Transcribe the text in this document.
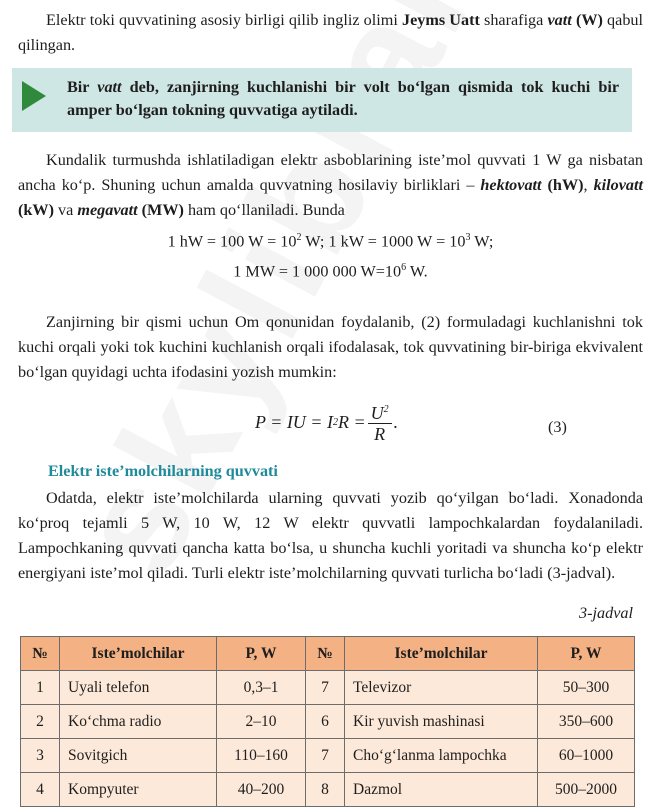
Elektr toki quvvatining asosiy birligi qilib ingliz olimi Jeyms Uatt sharafiga vatt (W) qabul qilingan.

Bir vatt deb, zanjirning kuchlanishi bir volt bo‘lgan qismida tok kuchi bir amper bo‘lgan tokning quvvatiga aytiladi.

Kundalik turmushda ishlatiladigan elektr asboblarining iste’mol quvvati 1 W ga nisbatan ancha ko‘p. Shuning uchun amalda quvvatning hosilaviy birliklari – hektovatt (hW), kilovatt (kW) va megavatt (MW) ham qo‘llaniladi. Bunda

1 hW = 100 $W = 10^2$ W; 1 kW = 1000 $W = 10^3$ W;
1 MW = 1 000 000 $W=10^6$ W.

Zanjirning bir qismi uchun Om qonunidan foydalanib, (2) formuladagi kuchlanishni tok kuchi orqali yoki tok kuchini kuchlanish orqali ifodalasak, tok quvvatining bir-biriga ekvivalent bo‘lgan quyidagi uchta ifodasini yozish mumkin:

P = IU = I 2 $R = \frac{U^2}{R}$ .	(3)
Elektr iste’molchilarning quvvati

Odatda, elektr iste’molchilarda ularning quvvati yozib qo‘yilgan bo‘ladi. Xonadonda ko‘proq tejamli 5 W, 10 W, 12 W elektr quvvatli lampochkalardan foydalaniladi. Lampochkaning quvvati qancha katta bo‘lsa, u shuncha kuchli yoritadi va shuncha ko‘p elektr energiyani iste’mol qiladi. Turli elektr iste’molchilarning quvvati turlicha bo‘ladi (3-jadval).

3-jadval
№	Iste’molchilar	P, W	№	Iste’molchilar	P, W
1	Uyali telefon	0,3–1	7	Televizor	50–300
2	Ko‘chma radio	2–10	6	Kir yuvish mashinasi	350–600
3	Sovitgich	110–160	7	Cho‘g‘lanma lampochka	60–1000
4	Kompyuter	40–200	8	Dazmol	500–2000
